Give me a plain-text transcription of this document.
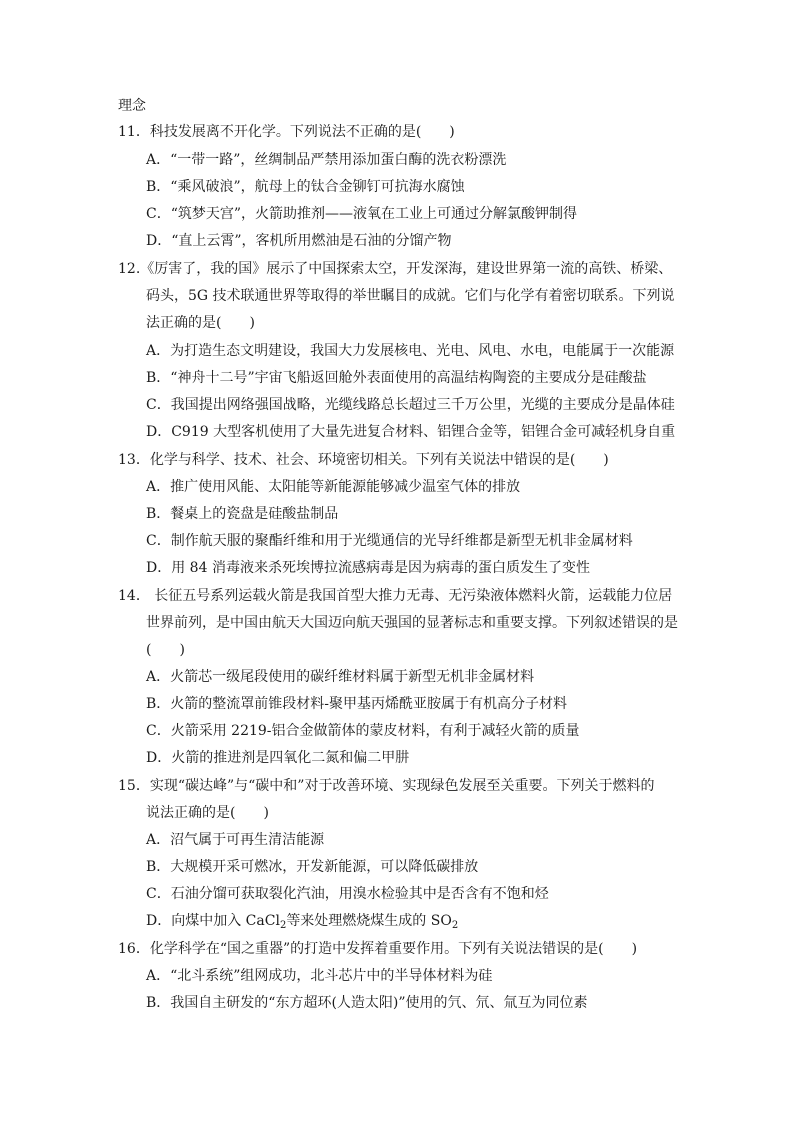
理念
11．科技发展离不开化学。下列说法不正确的是(　　)
A．“一带一路”，丝绸制品严禁用添加蛋白酶的洗衣粉漂洗
B．“乘风破浪”，航母上的钛合金铆钉可抗海水腐蚀
C．“筑梦天宫”，火箭助推剂——液氧在工业上可通过分解氯酸钾制得
D．“直上云霄”，客机所用燃油是石油的分馏产物
12.《厉害了，我的国》展示了中国探索太空，开发深海，建设世界第一流的高铁、桥梁、
码头，5G 技术联通世界等取得的举世瞩目的成就。它们与化学有着密切联系。下列说
法正确的是(　　)
A．为打造生态文明建设，我国大力发展核电、光电、风电、水电，电能属于一次能源
B．“神舟十二号”宇宙飞船返回舱外表面使用的高温结构陶瓷的主要成分是硅酸盐
C．我国提出网络强国战略，光缆线路总长超过三千万公里，光缆的主要成分是晶体硅
D．C919 大型客机使用了大量先进复合材料、铝锂合金等，铝锂合金可减轻机身自重
13．化学与科学、技术、社会、环境密切相关。下列有关说法中错误的是(　　)
A．推广使用风能、太阳能等新能源能够减少温室气体的排放
B．餐桌上的瓷盘是硅酸盐制品
C．制作航天服的聚酯纤维和用于光缆通信的光导纤维都是新型无机非金属材料
D．用 84 消毒液来杀死埃博拉流感病毒是因为病毒的蛋白质发生了变性
14． 长征五号系列运载火箭是我国首型大推力无毒、无污染液体燃料火箭，运载能力位居
世界前列，是中国由航天大国迈向航天强国的显著标志和重要支撑。下列叙述错误的是
(　　)
A．火箭芯一级尾段使用的碳纤维材料属于新型无机非金属材料
B．火箭的整流罩前锥段材料-聚甲基丙烯酰亚胺属于有机高分子材料
C．火箭采用 2219-铝合金做箭体的蒙皮材料，有利于减轻火箭的质量
D．火箭的推进剂是四氧化二氮和偏二甲肼
15．实现“碳达峰”与“碳中和”对于改善环境、实现绿色发展至关重要。下列关于燃料的
说法正确的是(　　)
A．沼气属于可再生清洁能源
B．大规模开采可燃冰，开发新能源，可以降低碳排放
C．石油分馏可获取裂化汽油，用溴水检验其中是否含有不饱和烃
D．向煤中加入 CaCl$_2$等来处理燃烧煤生成的 $SO_2$
16．化学科学在“国之重器”的打造中发挥着重要作用。下列有关说法错误的是(　　)
A．“北斗系统”组网成功，北斗芯片中的半导体材料为硅
B．我国自主研发的“东方超环(人造太阳)”使用的氕、氘、氚互为同位素
